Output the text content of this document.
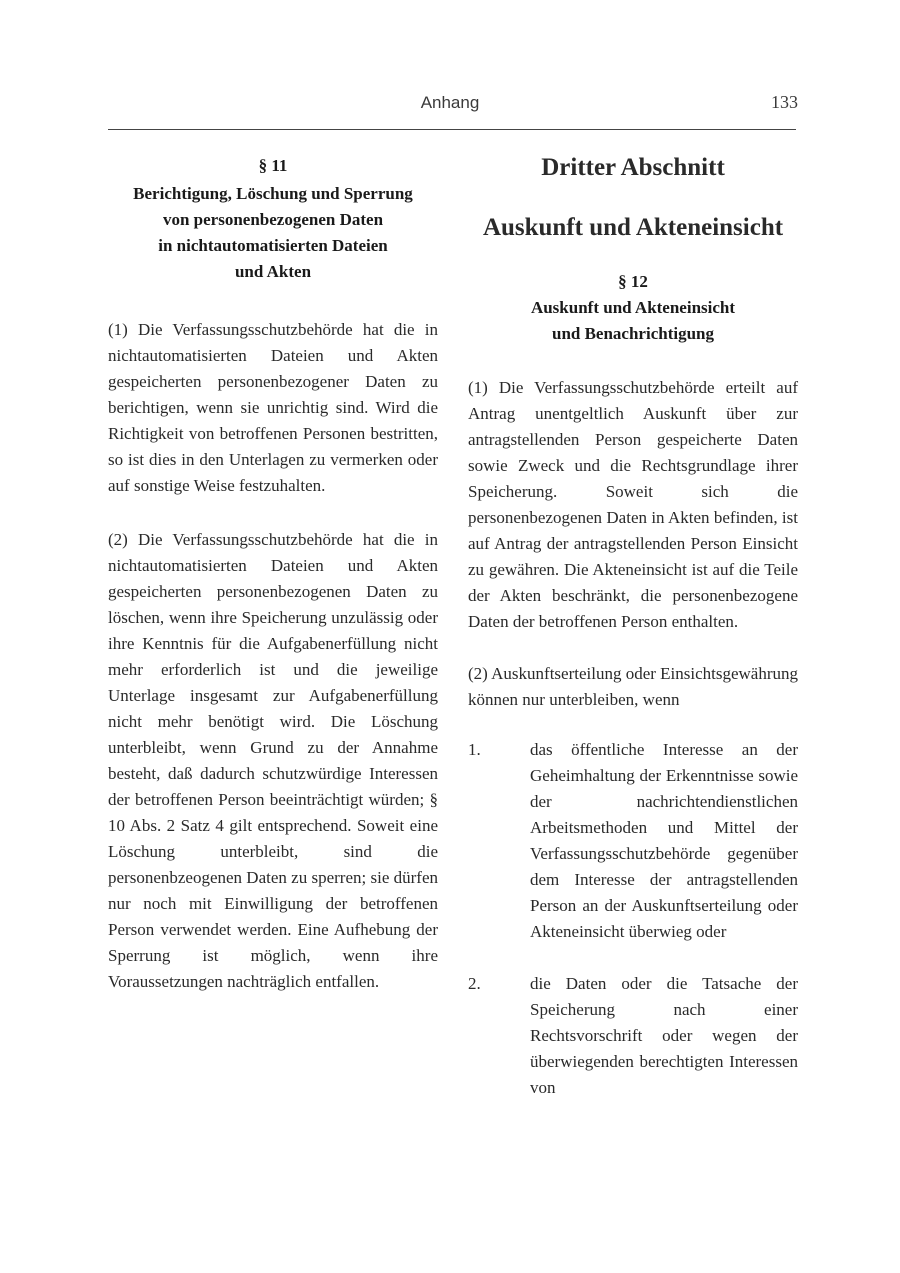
Anhang	133
§ 11
Berichtigung, Löschung und Sperrung
von personenbezogenen Daten
in nichtautomatisierten Dateien
und Akten

(1) Die Verfassungsschutzbehörde hat die in nichtautomatisierten Dateien und Akten gespeicherten personenbezogener Daten zu berichtigen, wenn sie unrichtig sind. Wird die Richtigkeit von betroffenen Personen bestritten, so ist dies in den Unterlagen zu vermerken oder auf sonstige Weise festzuhalten.

(2) Die Verfassungsschutzbehörde hat die in nichtautomatisierten Dateien und Akten gespeicherten personenbezogenen Daten zu löschen, wenn ihre Speicherung unzulässig oder ihre Kenntnis für die Aufgabenerfüllung nicht mehr erforderlich ist und die jeweilige Unterlage insgesamt zur Aufgabenerfüllung nicht mehr benötigt wird. Die Löschung unterbleibt, wenn Grund zu der Annahme besteht, daß dadurch schutzwürdige Interessen der betroffenen Person beeinträchtigt würden; § 10 Abs. 2 Satz 4 gilt entsprechend. Soweit eine Löschung unterbleibt, sind die personenbzeogenen Daten zu sperren; sie dürfen nur noch mit Einwilligung der betroffenen Person verwendet werden. Eine Aufhebung der Sperrung ist möglich, wenn ihre Voraussetzungen nachträglich entfallen.

Dritter Abschnitt
Auskunft und Akteneinsicht
§ 12
Auskunft und Akteneinsicht
und Benachrichtigung

(1) Die Verfassungsschutzbehörde erteilt auf Antrag unentgeltlich Auskunft über zur antragstellenden Person gespeicherte Daten sowie Zweck und die Rechtsgrundlage ihrer Speicherung. Soweit sich die personenbezogenen Daten in Akten befinden, ist auf Antrag der antragstellenden Person Einsicht zu gewähren. Die Akteneinsicht ist auf die Teile der Akten beschränkt, die personenbezogene Daten der betroffenen Person enthalten.

(2) Auskunftserteilung oder Einsichtsgewährung können nur unterbleiben, wenn

1.	das öffentliche Interesse an der Geheimhaltung der Erkenntnisse sowie der nachrichtendienstlichen Arbeitsmethoden und Mittel der Verfassungsschutzbehörde gegenüber dem Interesse der antragstellenden Person an der Auskunftserteilung oder Akteneinsicht überwieg oder
2.	die Daten oder die Tatsache der Speicherung nach einer Rechtsvorschrift oder wegen der überwiegenden berechtigten Interessen von
